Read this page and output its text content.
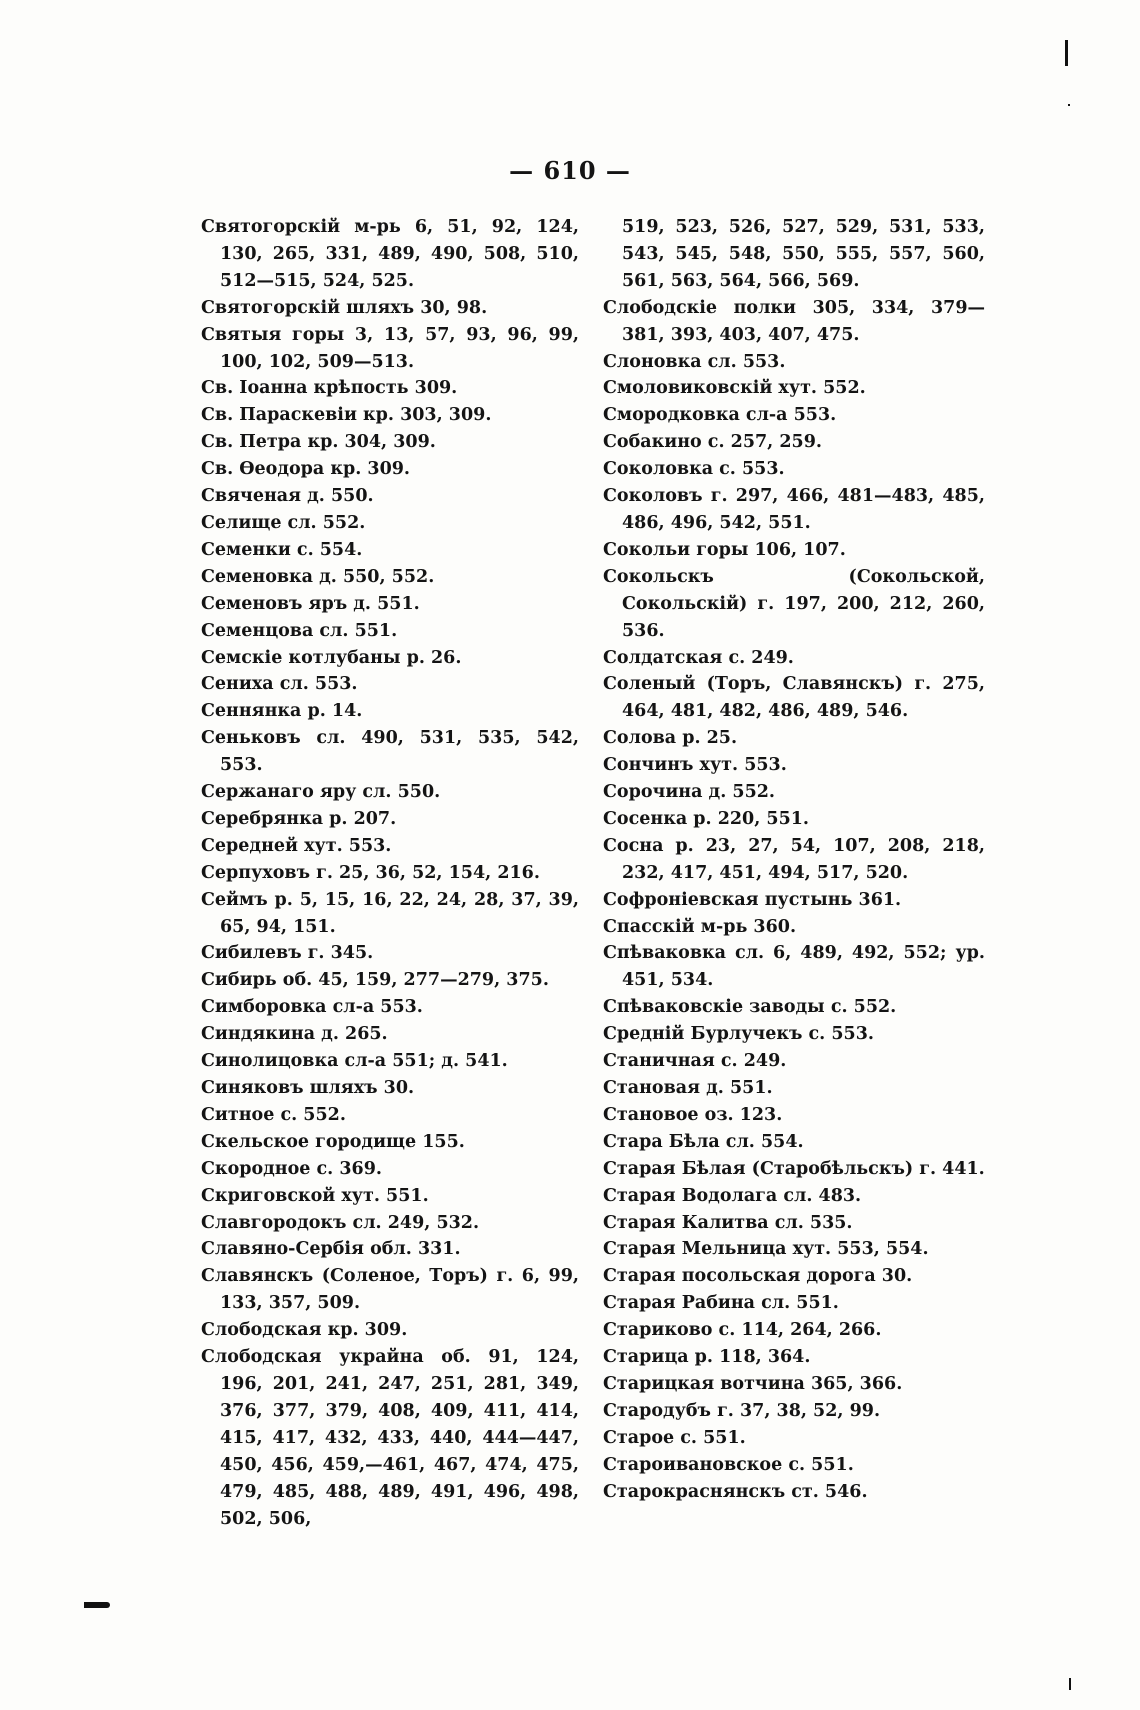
— 610 —
Святогорскій м-рь 6, 51, 92, 124, 130, 265, 331, 489, 490, 508, 510, 512—515, 524, 525.
Святогорскій шляхъ 30, 98.
Святыя горы 3, 13, 57, 93, 96, 99, 100, 102, 509—513.
Св. Іоанна крѣпость 309.
Св. Параскевіи кр. 303, 309.
Св. Петра кр. 304, 309.
Св. Өеодора кр. 309.
Свяченая д. 550.
Селище сл. 552.
Семенки с. 554.
Семеновка д. 550, 552.
Семеновъ яръ д. 551.
Семенцова сл. 551.
Семскіе котлубаны р. 26.
Сениха сл. 553.
Сеннянка р. 14.
Сеньковъ сл. 490, 531, 535, 542, 553.
Сержанаго яру сл. 550.
Серебрянка р. 207.
Середней хут. 553.
Серпуховъ г. 25, 36, 52, 154, 216.
Сеймъ р. 5, 15, 16, 22, 24, 28, 37, 39, 65, 94, 151.
Сибилевъ г. 345.
Сибирь об. 45, 159, 277—279, 375.
Симборовка сл-а 553.
Синдякина д. 265.
Синолицовка сл-а 551; д. 541.
Синяковъ шляхъ 30.
Ситное с. 552.
Скельское городище 155.
Скородное с. 369.
Скриговской хут. 551.
Славгородокъ сл. 249, 532.
Славяно-Сербія обл. 331.
Славянскъ (Соленое, Торъ) г. 6, 99, 133, 357, 509.
Слободская кр. 309.
Слободская украйна об. 91, 124, 196, 201, 241, 247, 251, 281, 349, 376, 377, 379, 408, 409, 411, 414, 415, 417, 432, 433, 440, 444—447, 450, 456, 459,—461, 467, 474, 475, 479, 485, 488, 489, 491, 496, 498, 502, 506,
519, 523, 526, 527, 529, 531, 533, 543, 545, 548, 550, 555, 557, 560, 561, 563, 564, 566, 569.
Слободскіе полки 305, 334, 379—381, 393, 403, 407, 475.
Слоновка сл. 553.
Смоловиковскій хут. 552.
Смородковка сл-а 553.
Собакино с. 257, 259.
Соколовка с. 553.
Соколовъ г. 297, 466, 481—483, 485, 486, 496, 542, 551.
Сокольи горы 106, 107.
Сокольскъ (Сокольской, Сокольскій) г. 197, 200, 212, 260, 536.
Солдатская с. 249.
Соленый (Торъ, Славянскъ) г. 275, 464, 481, 482, 486, 489, 546.
Солова р. 25.
Сончинъ хут. 553.
Сорочина д. 552.
Сосенка р. 220, 551.
Сосна р. 23, 27, 54, 107, 208, 218, 232, 417, 451, 494, 517, 520.
Софроніевская пустынь 361.
Спасскій м-рь 360.
Спѣваковка сл. 6, 489, 492, 552; ур. 451, 534.
Спѣваковскіе заводы с. 552.
Средній Бурлучекъ с. 553.
Станичная с. 249.
Становая д. 551.
Становое оз. 123.
Стара Бѣла сл. 554.
Старая Бѣлая (Старобѣльскъ) г. 441.
Старая Водолага сл. 483.
Старая Калитва сл. 535.
Старая Мельница хут. 553, 554.
Старая посольская дорога 30.
Старая Рабина сл. 551.
Стариково с. 114, 264, 266.
Старица р. 118, 364.
Старицкая вотчина 365, 366.
Стародубъ г. 37, 38, 52, 99.
Старое с. 551.
Староивановское с. 551.
Старокраснянскъ ст. 546.
